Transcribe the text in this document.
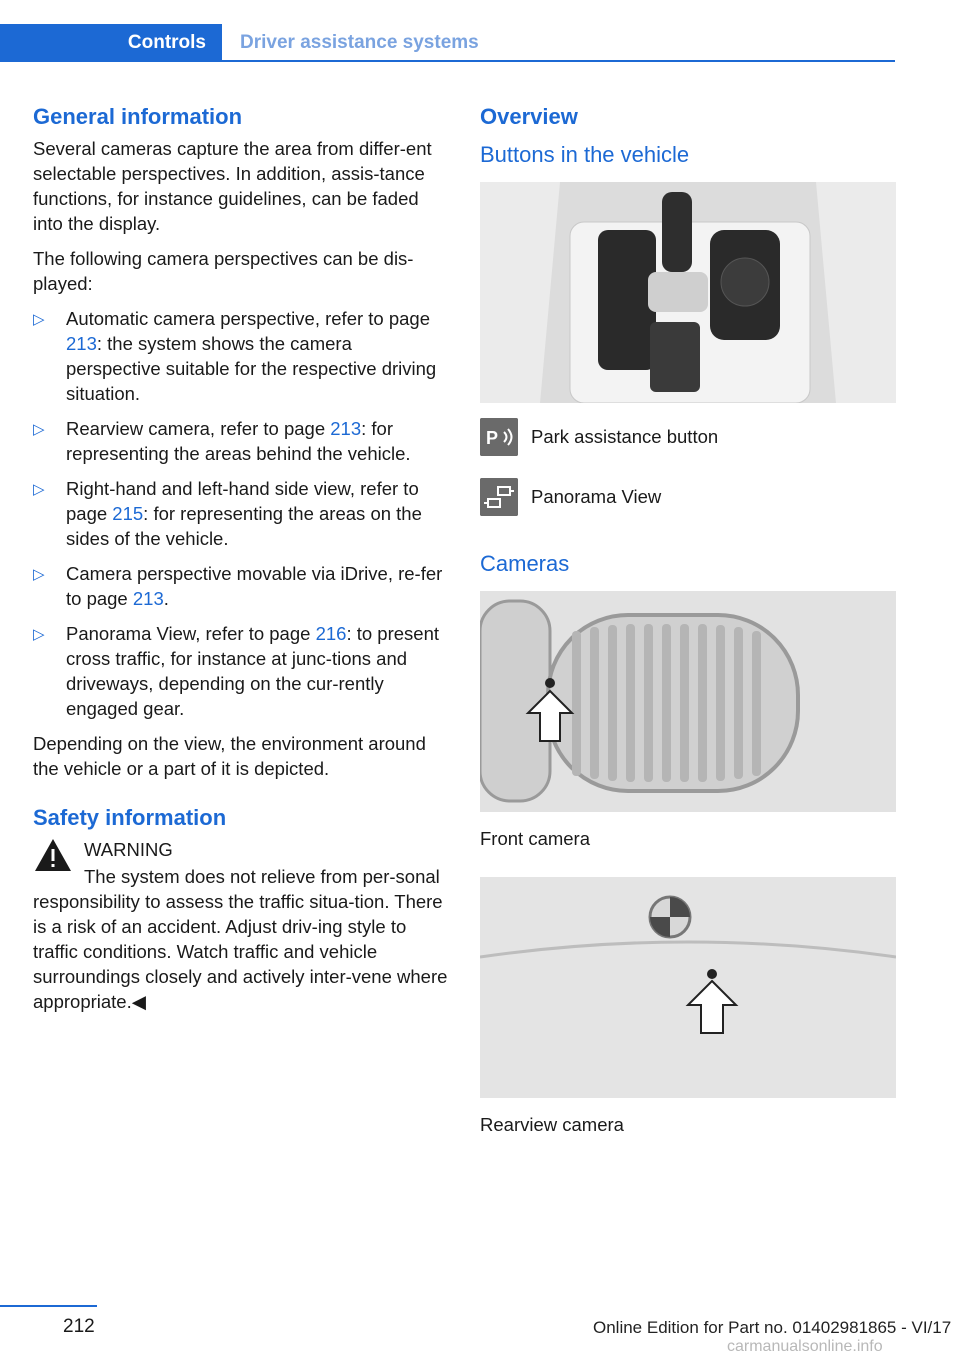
Controls Driver assistance systems
General information

Several cameras capture the area from differ-ent selectable perspectives. In addition, assis-tance functions, for instance guidelines, can be faded into the display.

The following camera perspectives can be dis-played:

▷ Automatic camera perspective, refer to page 213: the system shows the camera perspective suitable for the respective driving situation.
▷ Rearview camera, refer to page 213: for representing the areas behind the vehicle.
▷ Right-hand and left-hand side view, refer to page 215: for representing the areas on the sides of the vehicle.
▷ Camera perspective movable via iDrive, re-fer to page 213.
▷ Panorama View, refer to page 216: to present cross traffic, for instance at junc-tions and driveways, depending on the cur-rently engaged gear.

Depending on the view, the environment around the vehicle or a part of it is depicted.

Safety information

WARNING

The system does not relieve from per-sonal responsibility to assess the traffic situa-tion. There is a risk of an accident. Adjust driv-ing style to traffic conditions. Watch traffic and vehicle surroundings closely and actively inter-vene where appropriate.◀

Overview
Buttons in the vehicle
P Park assistance button
Panorama View
Cameras

Front camera

Rearview camera

212	Online Edition for Part no. 01402981865 - VI/17
carmanualsonline.info
